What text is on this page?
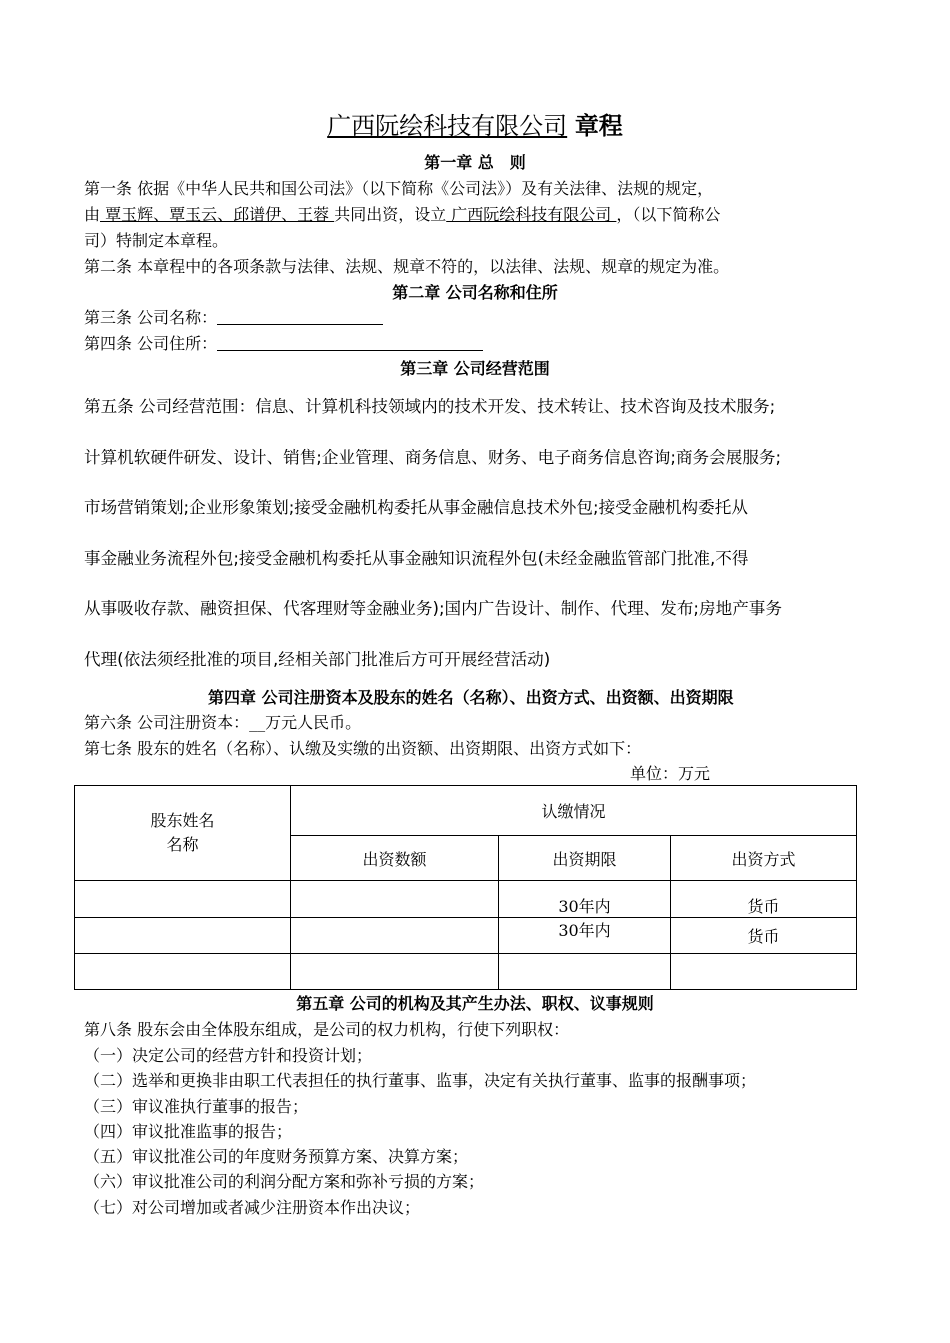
广西阮绘科技有限公司 章程
第一章 总　则
第一条 依据《中华人民共和国公司法》（以下简称《公司法》）及有关法律、法规的规定，
由 覃玉辉、覃玉云、邱谱伊、王蓉 共同出资，设立 广西阮绘科技有限公司 ，（以下简称公
司）特制定本章程。
第二条 本章程中的各项条款与法律、法规、规章不符的，以法律、法规、规章的规定为准。
第二章 公司名称和住所
第三条 公司名称：
第四条 公司住所：
第三章 公司经营范围
第五条 公司经营范围：信息、计算机科技领域内的技术开发、技术转让、技术咨询及技术服务;
计算机软硬件研发、设计、销售;企业管理、商务信息、财务、电子商务信息咨询;商务会展服务;
市场营销策划;企业形象策划;接受金融机构委托从事金融信息技术外包;接受金融机构委托从
事金融业务流程外包;接受金融机构委托从事金融知识流程外包(未经金融监管部门批准,不得
从事吸收存款、融资担保、代客理财等金融业务);国内广告设计、制作、代理、发布;房地产事务
代理(依法须经批准的项目,经相关部门批准后方可开展经营活动)
第四章 公司注册资本及股东的姓名（名称）、出资方式、出资额、出资期限
第六条 公司注册资本：__万元人民币。
第七条 股东的姓名（名称）、认缴及实缴的出资额、出资期限、出资方式如下：
单位：万元
股东姓名
名称	认缴情况		
	出资数额	出资期限	出资方式
		30年内	货币
		30年内	货币

第五章 公司的机构及其产生办法、职权、议事规则
第八条 股东会由全体股东组成，是公司的权力机构，行使下列职权：
（一）决定公司的经营方针和投资计划；
（二）选举和更换非由职工代表担任的执行董事、监事，决定有关执行董事、监事的报酬事项；
（三）审议准执行董事的报告；
（四）审议批准监事的报告；
（五）审议批准公司的年度财务预算方案、决算方案；
（六）审议批准公司的利润分配方案和弥补亏损的方案；
（七）对公司增加或者减少注册资本作出决议；
